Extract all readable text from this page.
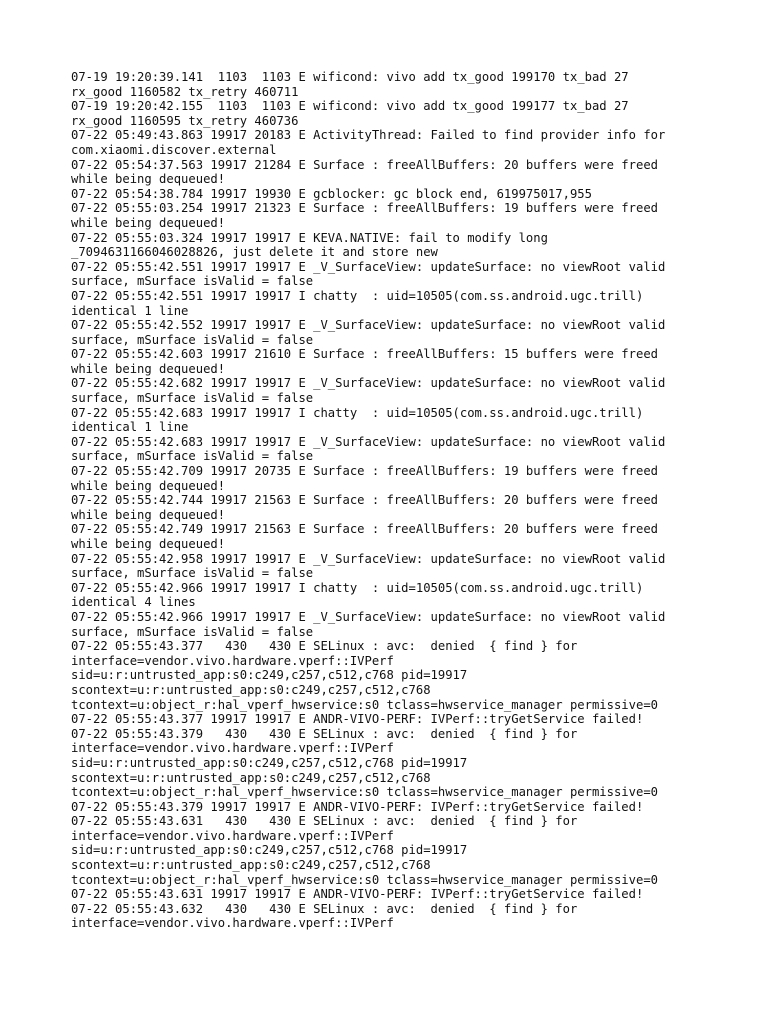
07-19 19:20:39.141  1103  1103 E wificond: vivo add tx_good 199170 tx_bad 27

rx_good 1160582 tx_retry 460711

07-19 19:20:42.155  1103  1103 E wificond: vivo add tx_good 199177 tx_bad 27

rx_good 1160595 tx_retry 460736

07-22 05:49:43.863 19917 20183 E ActivityThread: Failed to find provider info for

com.xiaomi.discover.external

07-22 05:54:37.563 19917 21284 E Surface : freeAllBuffers: 20 buffers were freed

while being dequeued!

07-22 05:54:38.784 19917 19930 E gcblocker: gc block end, 619975017,955

07-22 05:55:03.254 19917 21323 E Surface : freeAllBuffers: 19 buffers were freed

while being dequeued!

07-22 05:55:03.324 19917 19917 E KEVA.NATIVE: fail to modify long

_7094631166046028826, just delete it and store new

07-22 05:55:42.551 19917 19917 E _V_SurfaceView: updateSurface: no viewRoot valid

surface, mSurface isValid = false

07-22 05:55:42.551 19917 19917 I chatty  : uid=10505(com.ss.android.ugc.trill)

identical 1 line

07-22 05:55:42.552 19917 19917 E _V_SurfaceView: updateSurface: no viewRoot valid

surface, mSurface isValid = false

07-22 05:55:42.603 19917 21610 E Surface : freeAllBuffers: 15 buffers were freed

while being dequeued!

07-22 05:55:42.682 19917 19917 E _V_SurfaceView: updateSurface: no viewRoot valid

surface, mSurface isValid = false

07-22 05:55:42.683 19917 19917 I chatty  : uid=10505(com.ss.android.ugc.trill)

identical 1 line

07-22 05:55:42.683 19917 19917 E _V_SurfaceView: updateSurface: no viewRoot valid

surface, mSurface isValid = false

07-22 05:55:42.709 19917 20735 E Surface : freeAllBuffers: 19 buffers were freed

while being dequeued!

07-22 05:55:42.744 19917 21563 E Surface : freeAllBuffers: 20 buffers were freed

while being dequeued!

07-22 05:55:42.749 19917 21563 E Surface : freeAllBuffers: 20 buffers were freed

while being dequeued!

07-22 05:55:42.958 19917 19917 E _V_SurfaceView: updateSurface: no viewRoot valid

surface, mSurface isValid = false

07-22 05:55:42.966 19917 19917 I chatty  : uid=10505(com.ss.android.ugc.trill)

identical 4 lines

07-22 05:55:42.966 19917 19917 E _V_SurfaceView: updateSurface: no viewRoot valid

surface, mSurface isValid = false

07-22 05:55:43.377   430   430 E SELinux : avc:  denied  { find } for

interface=vendor.vivo.hardware.vperf::IVPerf

sid=u:r:untrusted_app:s0:c249,c257,c512,c768 pid=19917

scontext=u:r:untrusted_app:s0:c249,c257,c512,c768

tcontext=u:object_r:hal_vperf_hwservice:s0 tclass=hwservice_manager permissive=0

07-22 05:55:43.377 19917 19917 E ANDR-VIVO-PERF: IVPerf::tryGetService failed!

07-22 05:55:43.379   430   430 E SELinux : avc:  denied  { find } for

interface=vendor.vivo.hardware.vperf::IVPerf

sid=u:r:untrusted_app:s0:c249,c257,c512,c768 pid=19917

scontext=u:r:untrusted_app:s0:c249,c257,c512,c768

tcontext=u:object_r:hal_vperf_hwservice:s0 tclass=hwservice_manager permissive=0

07-22 05:55:43.379 19917 19917 E ANDR-VIVO-PERF: IVPerf::tryGetService failed!

07-22 05:55:43.631   430   430 E SELinux : avc:  denied  { find } for

interface=vendor.vivo.hardware.vperf::IVPerf

sid=u:r:untrusted_app:s0:c249,c257,c512,c768 pid=19917

scontext=u:r:untrusted_app:s0:c249,c257,c512,c768

tcontext=u:object_r:hal_vperf_hwservice:s0 tclass=hwservice_manager permissive=0

07-22 05:55:43.631 19917 19917 E ANDR-VIVO-PERF: IVPerf::tryGetService failed!

07-22 05:55:43.632   430   430 E SELinux : avc:  denied  { find } for

interface=vendor.vivo.hardware.vperf::IVPerf
